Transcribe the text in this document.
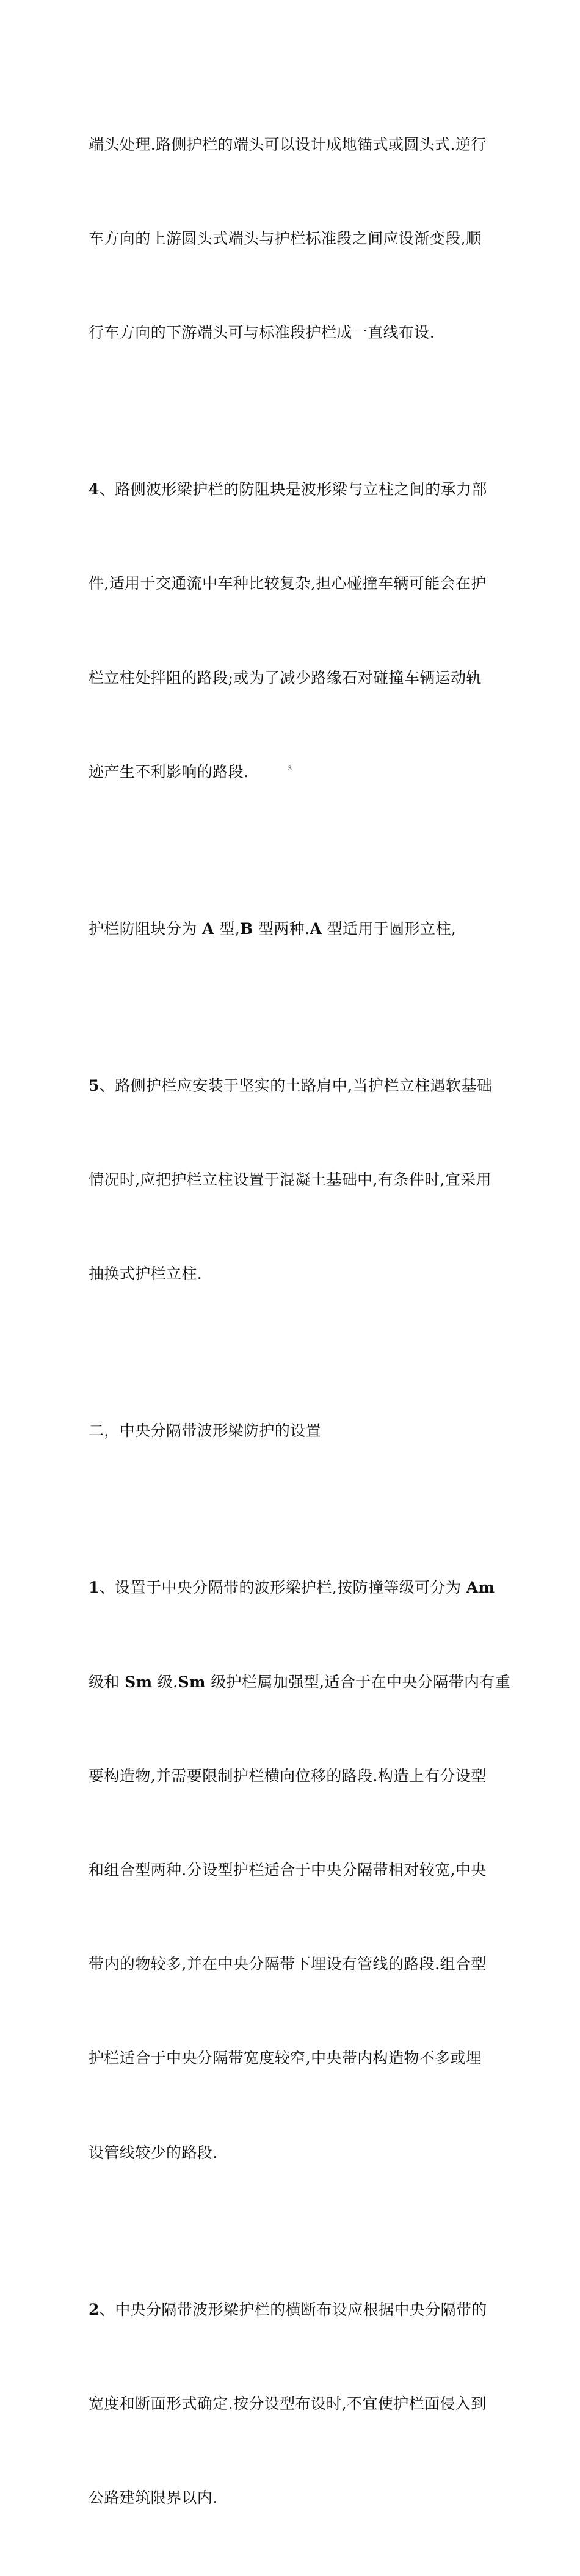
端头处理.路侧护栏的端头可以设计成地锚式或圆头式.逆行

车方向的上游圆头式端头与护栏标准段之间应设渐变段,顺

行车方向的下游端头可与标准段护栏成一直线布设.

4、路侧波形梁护栏的防阻块是波形梁与立柱之间的承力部

件,适用于交通流中车种比较复杂,担心碰撞车辆可能会在护

栏立柱处拌阻的路段;或为了减少路缘石对碰撞车辆运动轨

迹产生不利影响的路段.

护栏防阻块分为 A 型,B 型两种.A 型适用于圆形立柱,

5、路侧护栏应安装于坚实的土路肩中,当护栏立柱遇软基础

情况时,应把护栏立柱设置于混凝土基础中,有条件时,宜采用

抽换式护栏立柱.

二，中央分隔带波形梁防护的设置

1、设置于中央分隔带的波形梁护栏,按防撞等级可分为 Am

级和 Sm 级.Sm 级护栏属加强型,适合于在中央分隔带内有重

要构造物,并需要限制护栏横向位移的路段.构造上有分设型

和组合型两种.分设型护栏适合于中央分隔带相对较宽,中央

带内的物较多,并在中央分隔带下埋设有管线的路段.组合型

护栏适合于中央分隔带宽度较窄,中央带内构造物不多或埋

设管线较少的路段.

2、中央分隔带波形梁护栏的横断布设应根据中央分隔带的

宽度和断面形式确定.按分设型布设时,不宜使护栏面侵入到

公路建筑限界以内.

3
